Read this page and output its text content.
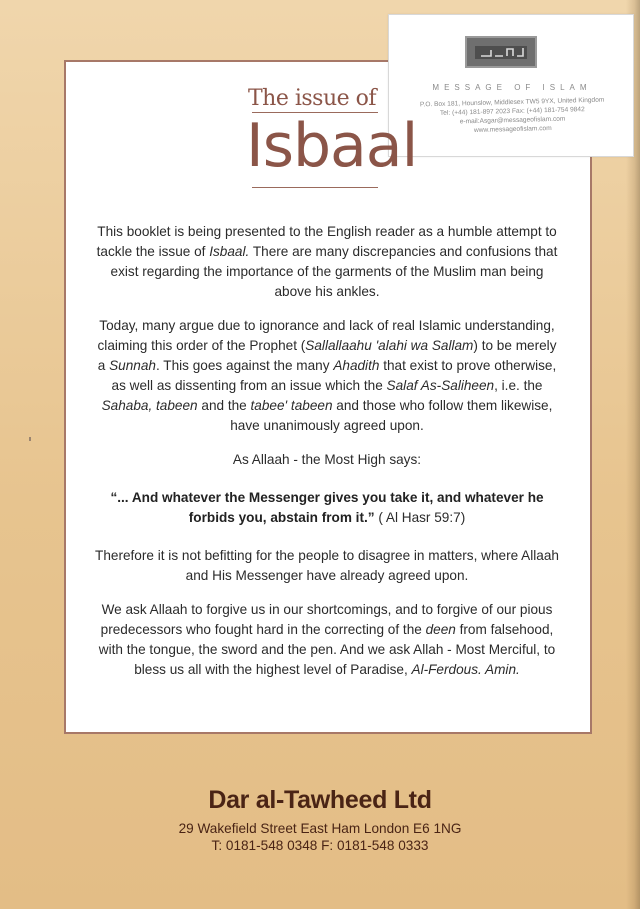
MESSAGE OF ISLAM
P.O. Box 181, Hounslow, Middlesex TW5 9YX, United Kingdom
Tel: (+44) 181-897 2023 Fax: (+44) 181-754 9842
e-mail:Asgar@messageofislam.com
www.messageofislam.com
The issue of
Isbaal

This booklet is being presented to the English reader as a humble attempt to tackle the issue of Isbaal. There are many discrepancies and confusions that exist regarding the importance of the garments of the Muslim man being above his ankles.

Today, many argue due to ignorance and lack of real Islamic understanding, claiming this order of the Prophet (Sallallaahu 'alahi wa Sallam) to be merely a Sunnah. This goes against the many Ahadith that exist to prove otherwise, as well as dissenting from an issue which the Salaf As-Saliheen, i.e. the Sahaba, tabeen and the tabee' tabeen and those who follow them likewise, have unanimously agreed upon.

As Allaah - the Most High says:

“... And whatever the Messenger gives you take it, and whatever he forbids you, abstain from it.” ( Al Hasr 59:7)

Therefore it is not befitting for the people to disagree in matters, where Allaah and His Messenger have already agreed upon.

We ask Allaah to forgive us in our shortcomings, and to forgive of our pious predecessors who fought hard in the correcting of the deen from falsehood, with the tongue, the sword and the pen. And we ask Allah - Most Merciful, to bless us all with the highest level of Paradise, Al-Ferdous. Amin.

Dar al-Tawheed Ltd
29 Wakefield Street East Ham London E6 1NG
T: 0181-548 0348 F: 0181-548 0333
